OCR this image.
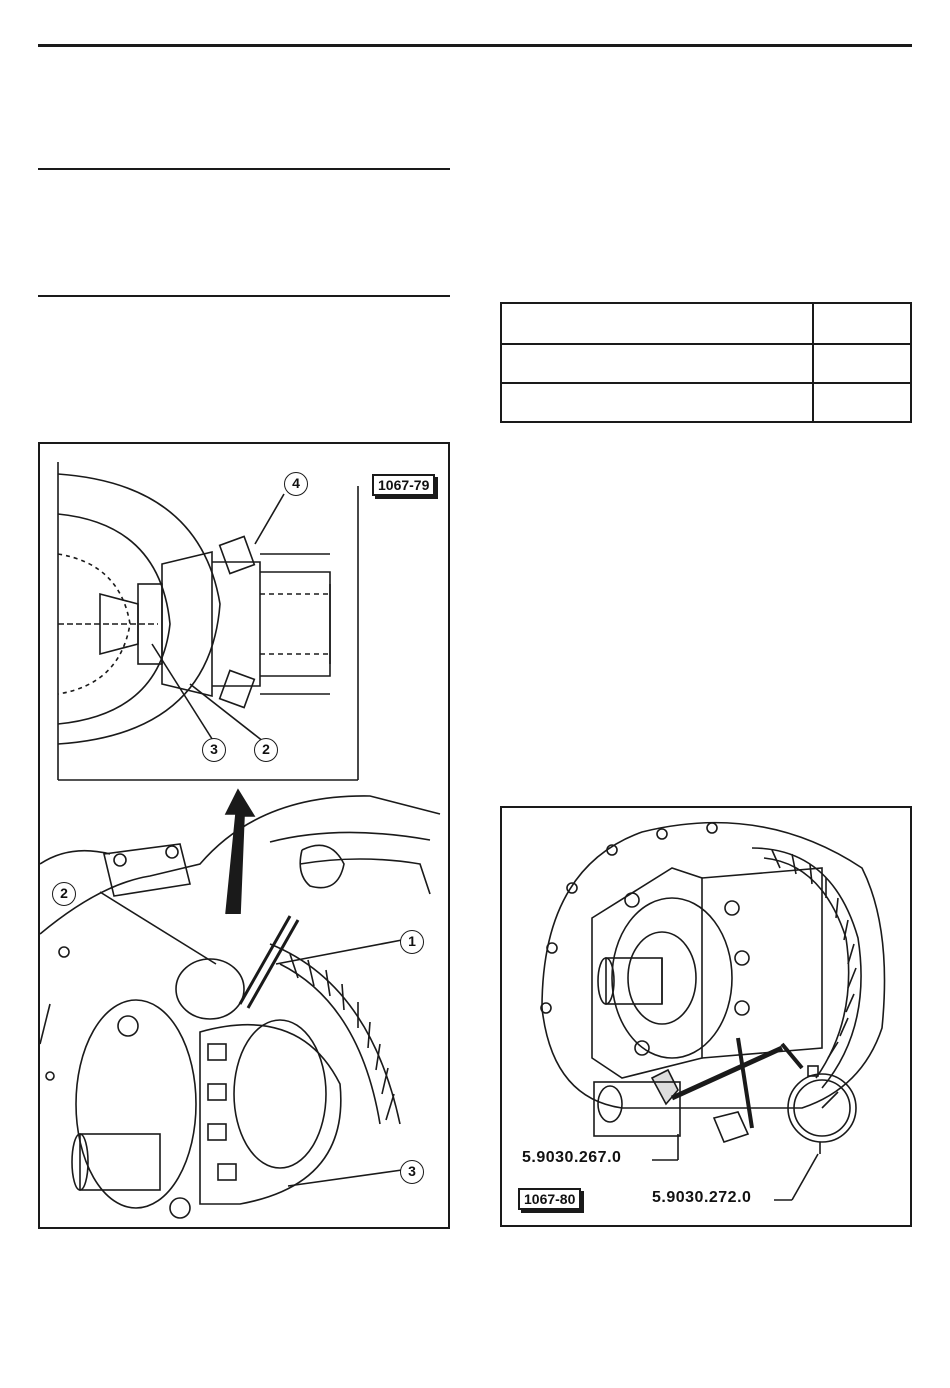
1067-79
4
3	2
2
1
3
5.9030.267.0
5.9030.272.0
1067-80
